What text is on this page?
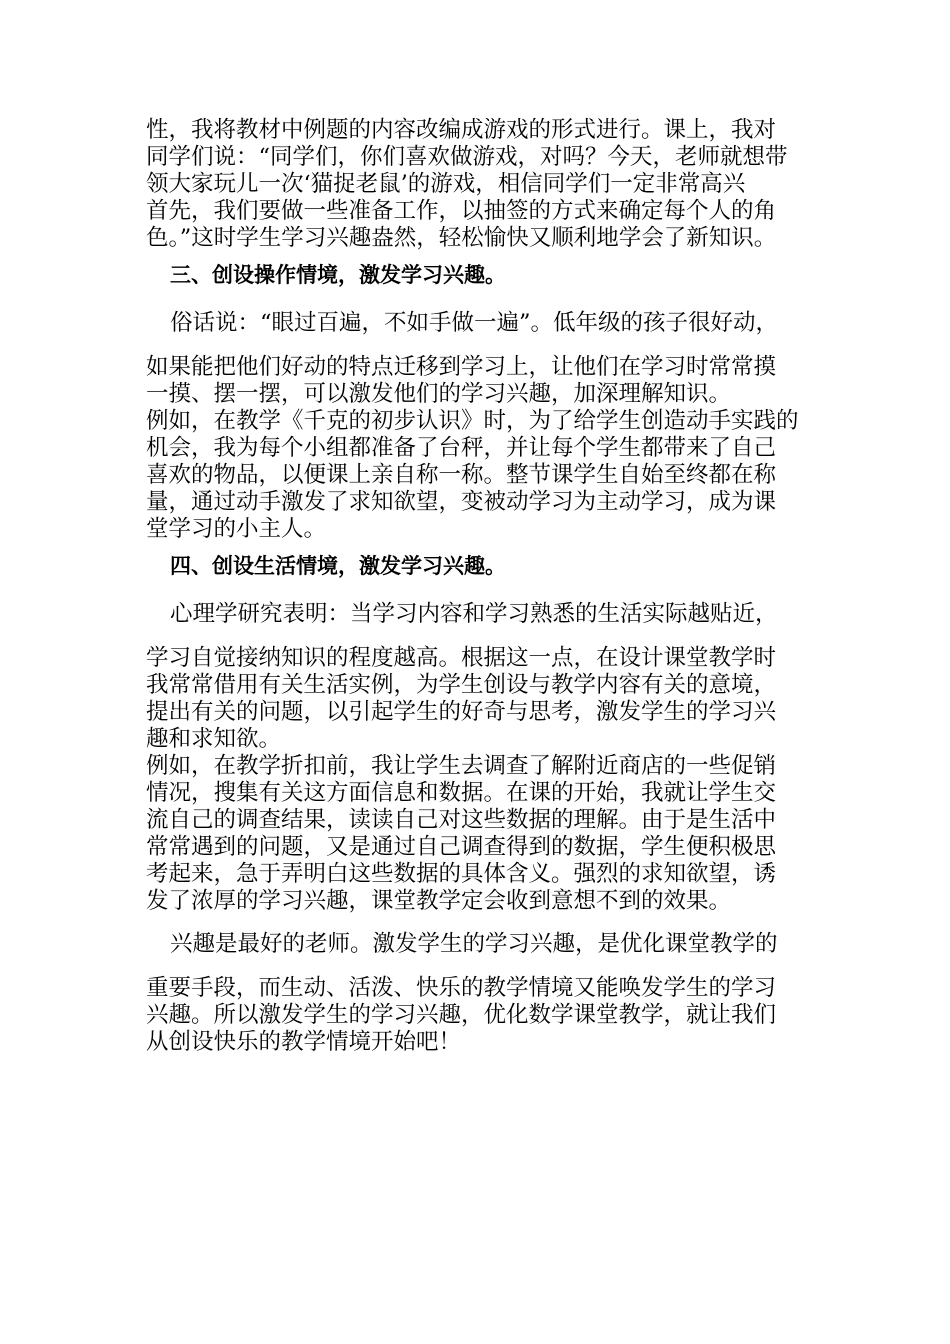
性，我将教材中例题的内容改编成游戏的形式进行。课上，我对
同学们说：“同学们，你们喜欢做游戏，对吗？今天，老师就想带
领大家玩儿一次‘猫捉老鼠’的游戏，相信同学们一定非常高兴
首先，我们要做一些准备工作，以抽签的方式来确定每个人的角
色。”这时学生学习兴趣盎然，轻松愉快又顺利地学会了新知识。
三、创设操作情境，激发学习兴趣。
俗话说：“眼过百遍，不如手做一遍”。低年级的孩子很好动，
如果能把他们好动的特点迁移到学习上，让他们在学习时常常摸
一摸、摆一摆，可以激发他们的学习兴趣，加深理解知识。
例如，在教学《千克的初步认识》时，为了给学生创造动手实践的
机会，我为每个小组都准备了台秤，并让每个学生都带来了自己
喜欢的物品，以便课上亲自称一称。整节课学生自始至终都在称
量，通过动手激发了求知欲望，变被动学习为主动学习，成为课
堂学习的小主人。
四、创设生活情境，激发学习兴趣。
心理学研究表明：当学习内容和学习熟悉的生活实际越贴近，
学习自觉接纳知识的程度越高。根据这一点，在设计课堂教学时
我常常借用有关生活实例，为学生创设与教学内容有关的意境，
提出有关的问题，以引起学生的好奇与思考，激发学生的学习兴
趣和求知欲。
例如，在教学折扣前，我让学生去调查了解附近商店的一些促销
情况，搜集有关这方面信息和数据。在课的开始，我就让学生交
流自己的调查结果，读读自己对这些数据的理解。由于是生活中
常常遇到的问题，又是通过自己调查得到的数据，学生便积极思
考起来，急于弄明白这些数据的具体含义。强烈的求知欲望，诱
发了浓厚的学习兴趣，课堂教学定会收到意想不到的效果。
兴趣是最好的老师。激发学生的学习兴趣，是优化课堂教学的
重要手段，而生动、活泼、快乐的教学情境又能唤发学生的学习
兴趣。所以激发学生的学习兴趣，优化数学课堂教学，就让我们
从创设快乐的教学情境开始吧！
